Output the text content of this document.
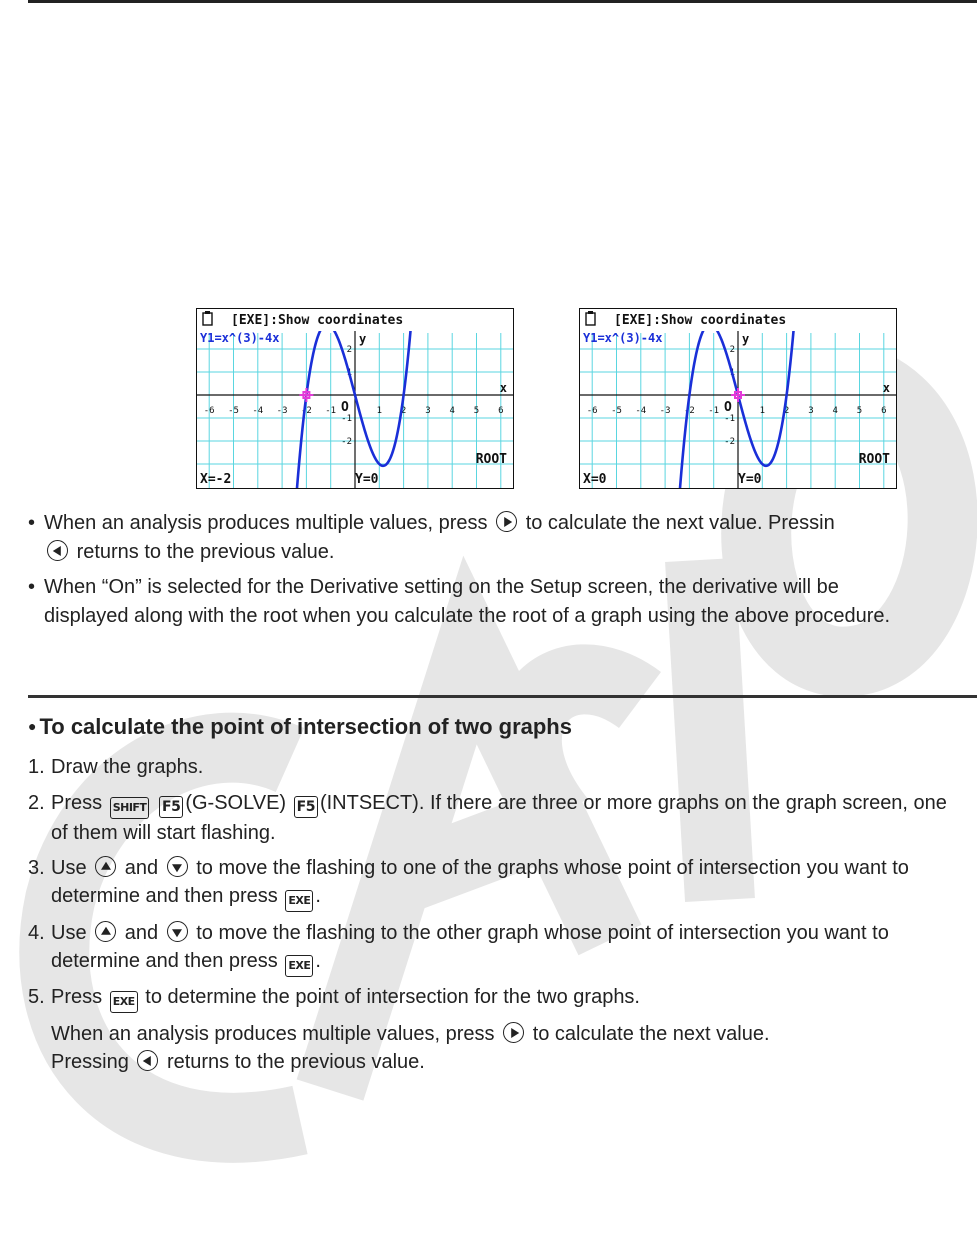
-6 -5 -4 -3 -2 -1	1 2 3 4 5 6
2
1
-1
-2
x
y
O
[EXE]:Show coordinates
Y1=x^(3)-4x
ROOT
X=-2	Y=0
-6 -5 -4 -3 -2 -1	1 2 3 4 5 6
2
1
-1
-2
x
y
O
[EXE]:Show coordinates
Y1=x^(3)-4x
ROOT
X=0	Y=0
• When an analysis produces multiple values, press to calculate the next value. Pressin
returns to the previous value.
• When “On” is selected for the Derivative setting on the Setup screen, the derivative will be displayed along with the root when you calculate the root of a graph using the above procedure.
● To calculate the point of intersection of two graphs
1. Draw the graphs.
2. Press SHIFT F5 (G-SOLVE) F5 (INTSECT). If there are three or more graphs on the graph screen, one of them will start flashing.
3. Use and to move the flashing to one of the graphs whose point of intersection you want to determine and then press EXE .
4. Use and to move the flashing to the other graph whose point of intersection you want to determine and then press EXE .
5. Press EXE to determine the point of intersection for the two graphs.
When an analysis produces multiple values, press to calculate the next value.
Pressing returns to the previous value.
